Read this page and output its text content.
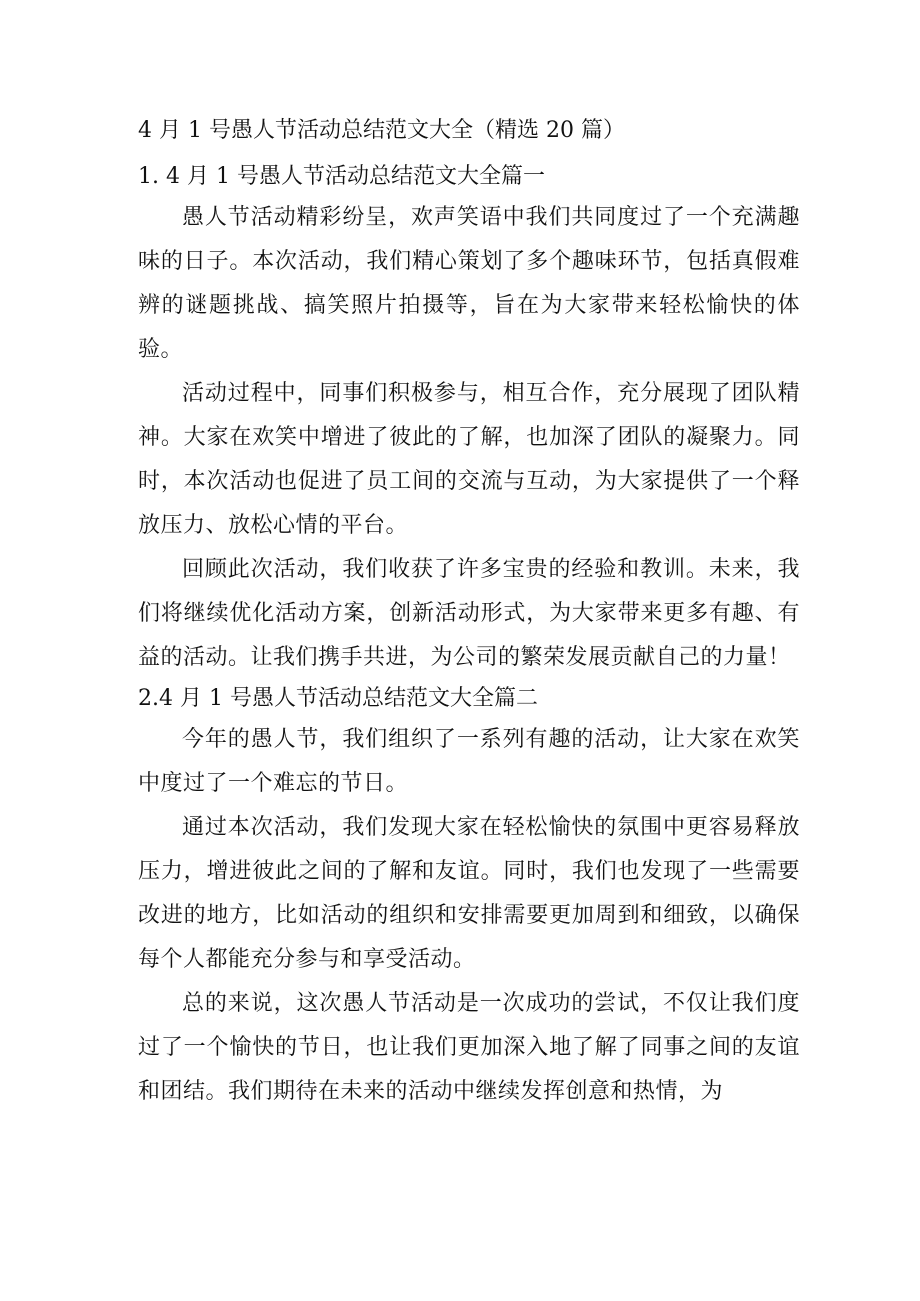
4 月 1 号愚人节活动总结范文大全（精选 20 篇）

1. 4 月 1 号愚人节活动总结范文大全篇一

愚人节活动精彩纷呈，欢声笑语中我们共同度过了一个充满趣味的日子。本次活动，我们精心策划了多个趣味环节，包括真假难辨的谜题挑战、搞笑照片拍摄等，旨在为大家带来轻松愉快的体验。

活动过程中，同事们积极参与，相互合作，充分展现了团队精神。大家在欢笑中增进了彼此的了解，也加深了团队的凝聚力。同时，本次活动也促进了员工间的交流与互动，为大家提供了一个释放压力、放松心情的平台。

回顾此次活动，我们收获了许多宝贵的经验和教训。未来，我们将继续优化活动方案，创新活动形式，为大家带来更多有趣、有益的活动。让我们携手共进，为公司的繁荣发展贡献自己的力量！

2.4 月 1 号愚人节活动总结范文大全篇二

今年的愚人节，我们组织了一系列有趣的活动，让大家在欢笑中度过了一个难忘的节日。

通过本次活动，我们发现大家在轻松愉快的氛围中更容易释放压力，增进彼此之间的了解和友谊。同时，我们也发现了一些需要改进的地方，比如活动的组织和安排需要更加周到和细致，以确保每个人都能充分参与和享受活动。

总的来说，这次愚人节活动是一次成功的尝试，不仅让我们度过了一个愉快的节日，也让我们更加深入地了解了同事之间的友谊和团结。我们期待在未来的活动中继续发挥创意和热情，为
